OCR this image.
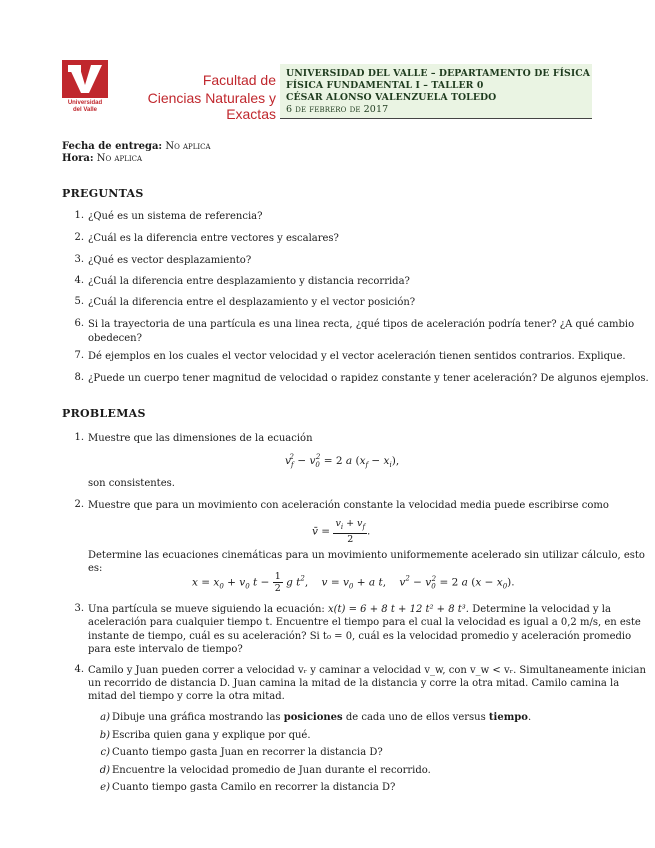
Universidad
del Valle
Facultad de
Ciencias Naturales y Exactas
UNIVERSIDAD DEL VALLE – DEPARTAMENTO DE FÍSICA
FÍSICA FUNDAMENTAL I – TALLER 0
CÉSAR ALONSO VALENZUELA TOLEDO
6 de febrero de 2017
Fecha de entrega: No aplica
Hora: No aplica
PREGUNTAS
1. ¿Qué es un sistema de referencia?
2. ¿Cuál es la diferencia entre vectores y escalares?
3. ¿Qué es vector desplazamiento?
4. ¿Cuál la diferencia entre desplazamiento y distancia recorrida?
5. ¿Cuál la diferencia entre el desplazamiento y el vector posición?
6. Si la trayectoria de una partícula es una linea recta, ¿qué tipos de aceleración podría tener? ¿A qué cambio
obedecen?
7. Dé ejemplos en los cuales el vector velocidad y el vector aceleración tienen sentidos contrarios. Explique.
8. ¿Puede un cuerpo tener magnitud de velocidad o rapidez constante y tener aceleración? De algunos ejemplos.
PROBLEMAS
1. Muestre que las dimensiones de la ecuación
$v_f^2 - v_0^2 = 2$ a $(x_f - x_i)$,
son consistentes.
2. Muestre que para un movimiento con aceleración constante la velocidad media puede escribirse como
v̄ = $\frac{v_i + v_f}{2}$ .
Determine las ecuaciones cinemáticas para un movimiento uniformemente acelerado sin utilizar cálculo, esto
es:
$x = x_0 + v_0$ $t - \frac{1}{2}$ g $t^2$,    $v = v_0 + a$ t,    $v^2 - v_0^2 = 2$ a $(x - x_0)$.
3. Una partícula se mueve siguiendo la ecuación: x(t) = 6 + 8 t + 12 t² + 8 t³. Determine la velocidad y la
aceleración para cualquier tiempo t. Encuentre el tiempo para el cual la velocidad es igual a 0,2 m/s, en este
instante de tiempo, cuál es su aceleración? Si t₀ = 0, cuál es la velocidad promedio y aceleración promedio
para este intervalo de tiempo?
4. Camilo y Juan pueden correr a velocidad vᵣ y caminar a velocidad v_w, con v_w < vᵣ. Simultaneamente inician
un recorrido de distancia D. Juan camina la mitad de la distancia y corre la otra mitad. Camilo camina la
mitad del tiempo y corre la otra mitad.
a) Dibuje una gráfica mostrando las posiciones de cada uno de ellos versus tiempo.
b) Escriba quien gana y explique por qué.
c) Cuanto tiempo gasta Juan en recorrer la distancia D?
d) Encuentre la velocidad promedio de Juan durante el recorrido.
e) Cuanto tiempo gasta Camilo en recorrer la distancia D?
